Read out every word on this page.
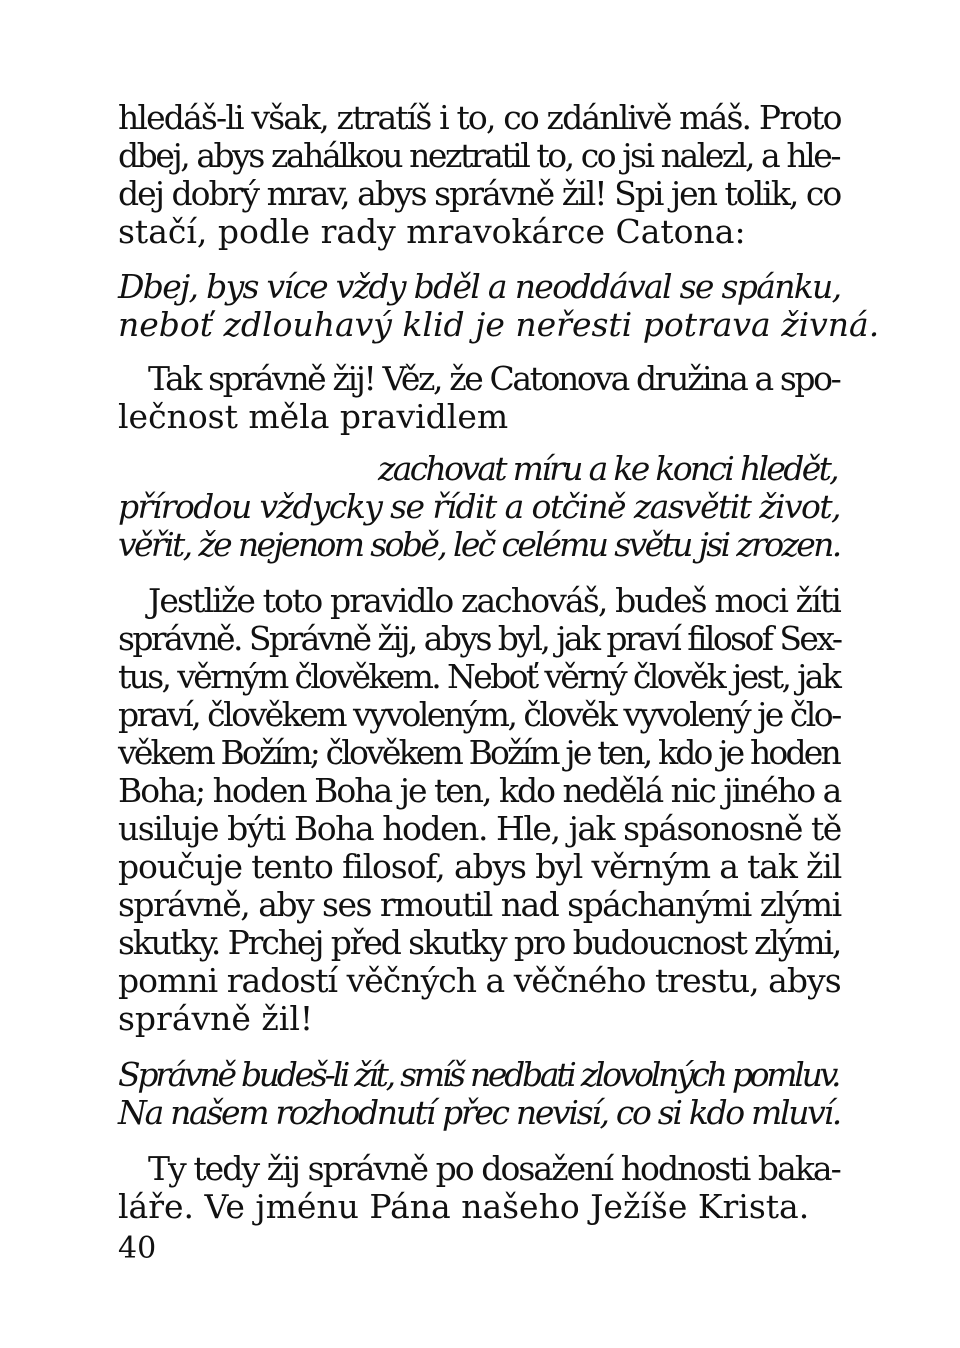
hledáš-li však, ztratíš i to, co zdánlivě máš. Proto
dbej, abys zahálkou neztratil to, co jsi nalezl, a hle-
dej dobrý mrav, abys správně žil! Spi jen tolik, co
stačí, podle rady mravokárce Catona:
Dbej, bys více vždy bděl a neoddával se spánku,
neboť zdlouhavý klid je neřesti potrava živná.
Tak správně žij! Věz, že Catonova družina a spo-
lečnost měla pravidlem
zachovat míru a ke konci hledět,
přírodou vždycky se řídit a otčině zasvětit život,
věřit, že nejenom sobě, leč celému světu jsi zrozen.
Jestliže toto pravidlo zachováš, budeš moci žíti
správně. Správně žij, abys byl, jak praví filosof Sex-
tus, věrným člověkem. Neboť věrný člověk jest, jak
praví, člověkem vyvoleným, člověk vyvolený je člo-
věkem Božím; člověkem Božím je ten, kdo je hoden
Boha; hoden Boha je ten, kdo nedělá nic jiného a
usiluje býti Boha hoden. Hle, jak spásonosně tě
poučuje tento filosof, abys byl věrným a tak žil
správně, aby ses rmoutil nad spáchanými zlými
skutky. Prchej před skutky pro budoucnost zlými,
pomni radostí věčných a věčného trestu, abys
správně žil!
Správně budeš-li žít, smíš nedbati zlovolných pomluv.
Na našem rozhodnutí přec nevisí, co si kdo mluví.
Ty tedy žij správně po dosažení hodnosti baka-
láře. Ve jménu Pána našeho Ježíše Krista.
40
